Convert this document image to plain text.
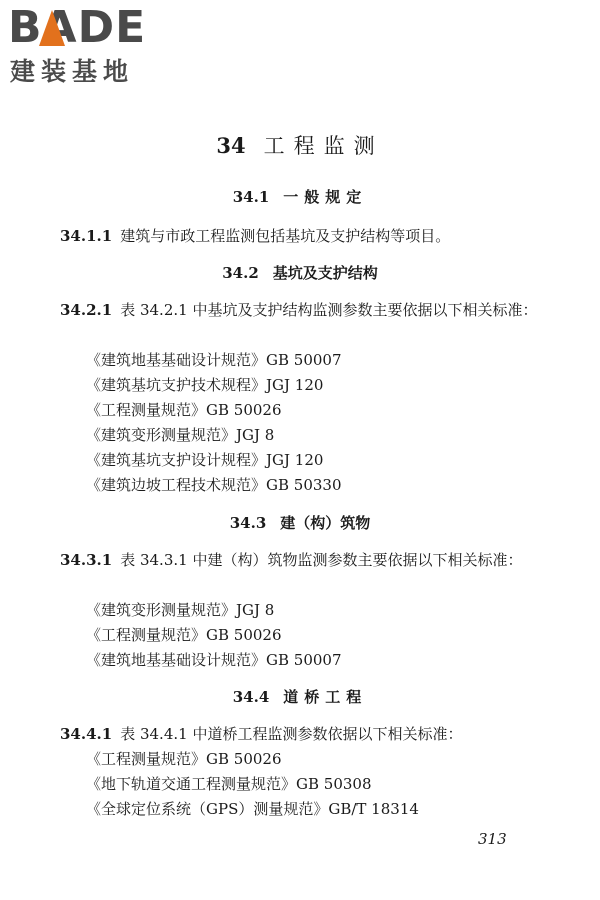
BADE
建装基地
34 工程监测
34.1 一般规定

34.1.1 建筑与市政工程监测包括基坑及支护结构等项目。

34.2 基坑及支护结构

34.2.1 表 34.2.1 中基坑及支护结构监测参数主要依据以下相关标准：

《建筑地基基础设计规范》GB 50007
《建筑基坑支护技术规程》JGJ 120
《工程测量规范》GB 50026
《建筑变形测量规范》JGJ 8
《建筑基坑支护设计规程》JGJ 120
《建筑边坡工程技术规范》GB 50330
34.3 建（构）筑物

34.3.1 表 34.3.1 中建（构）筑物监测参数主要依据以下相关标准：

《建筑变形测量规范》JGJ 8
《工程测量规范》GB 50026
《建筑地基基础设计规范》GB 50007
34.4 道桥工程

34.4.1 表 34.4.1 中道桥工程监测参数依据以下相关标准：

《工程测量规范》GB 50026
《地下轨道交通工程测量规范》GB 50308
《全球定位系统（GPS）测量规范》GB/T 18314
313
